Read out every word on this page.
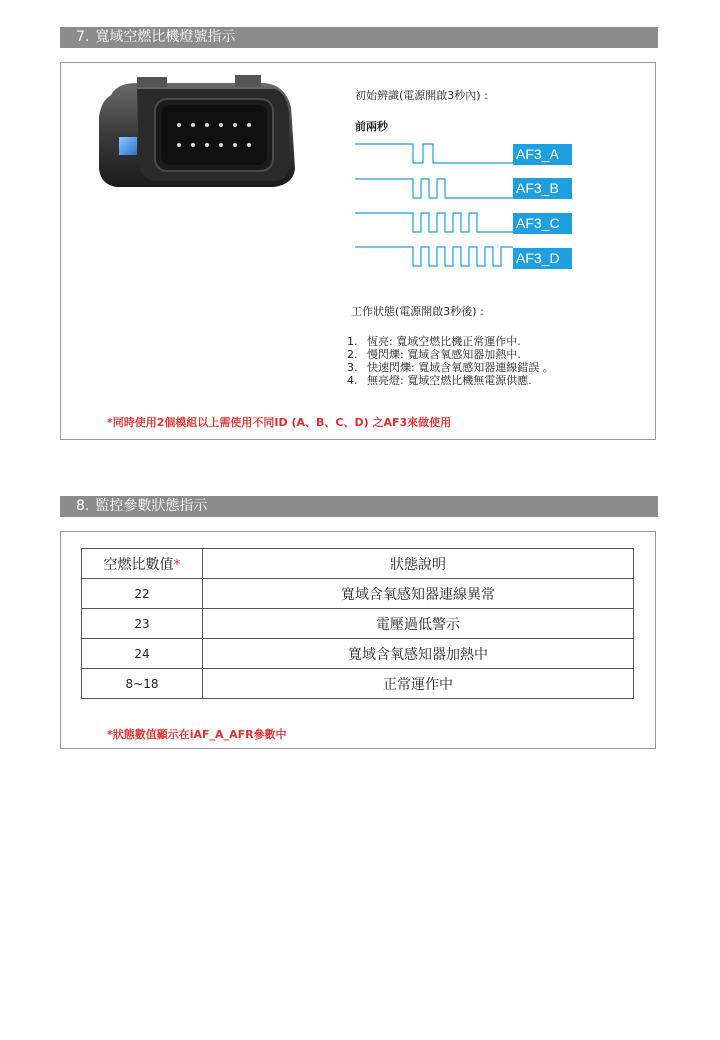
7. 寬域空燃比機燈號指示
初始辨識(電源開啟3秒內) :
前兩秒
AF3_A
AF3_B
AF3_C
AF3_D
工作狀態(電源開啟3秒後) :
1. 恆亮: 寬域空燃比機正常運作中.
2. 慢閃爍: 寬域含氧感知器加熱中.
3. 快速閃爍: 寬域含氧感知器連線錯誤 。
4. 無亮燈: 寬域空燃比機無電源供應.
*同時使用2個模組以上需使用不同ID (A、B、C、D) 之AF3來做使用
8. 監控參數狀態指示
空燃比數值*	狀態說明
22	寬域含氧感知器連線異常
23	電壓過低警示
24	寬域含氧感知器加熱中
8~18	正常運作中
*狀態數值顯示在iAF_A_AFR參數中
